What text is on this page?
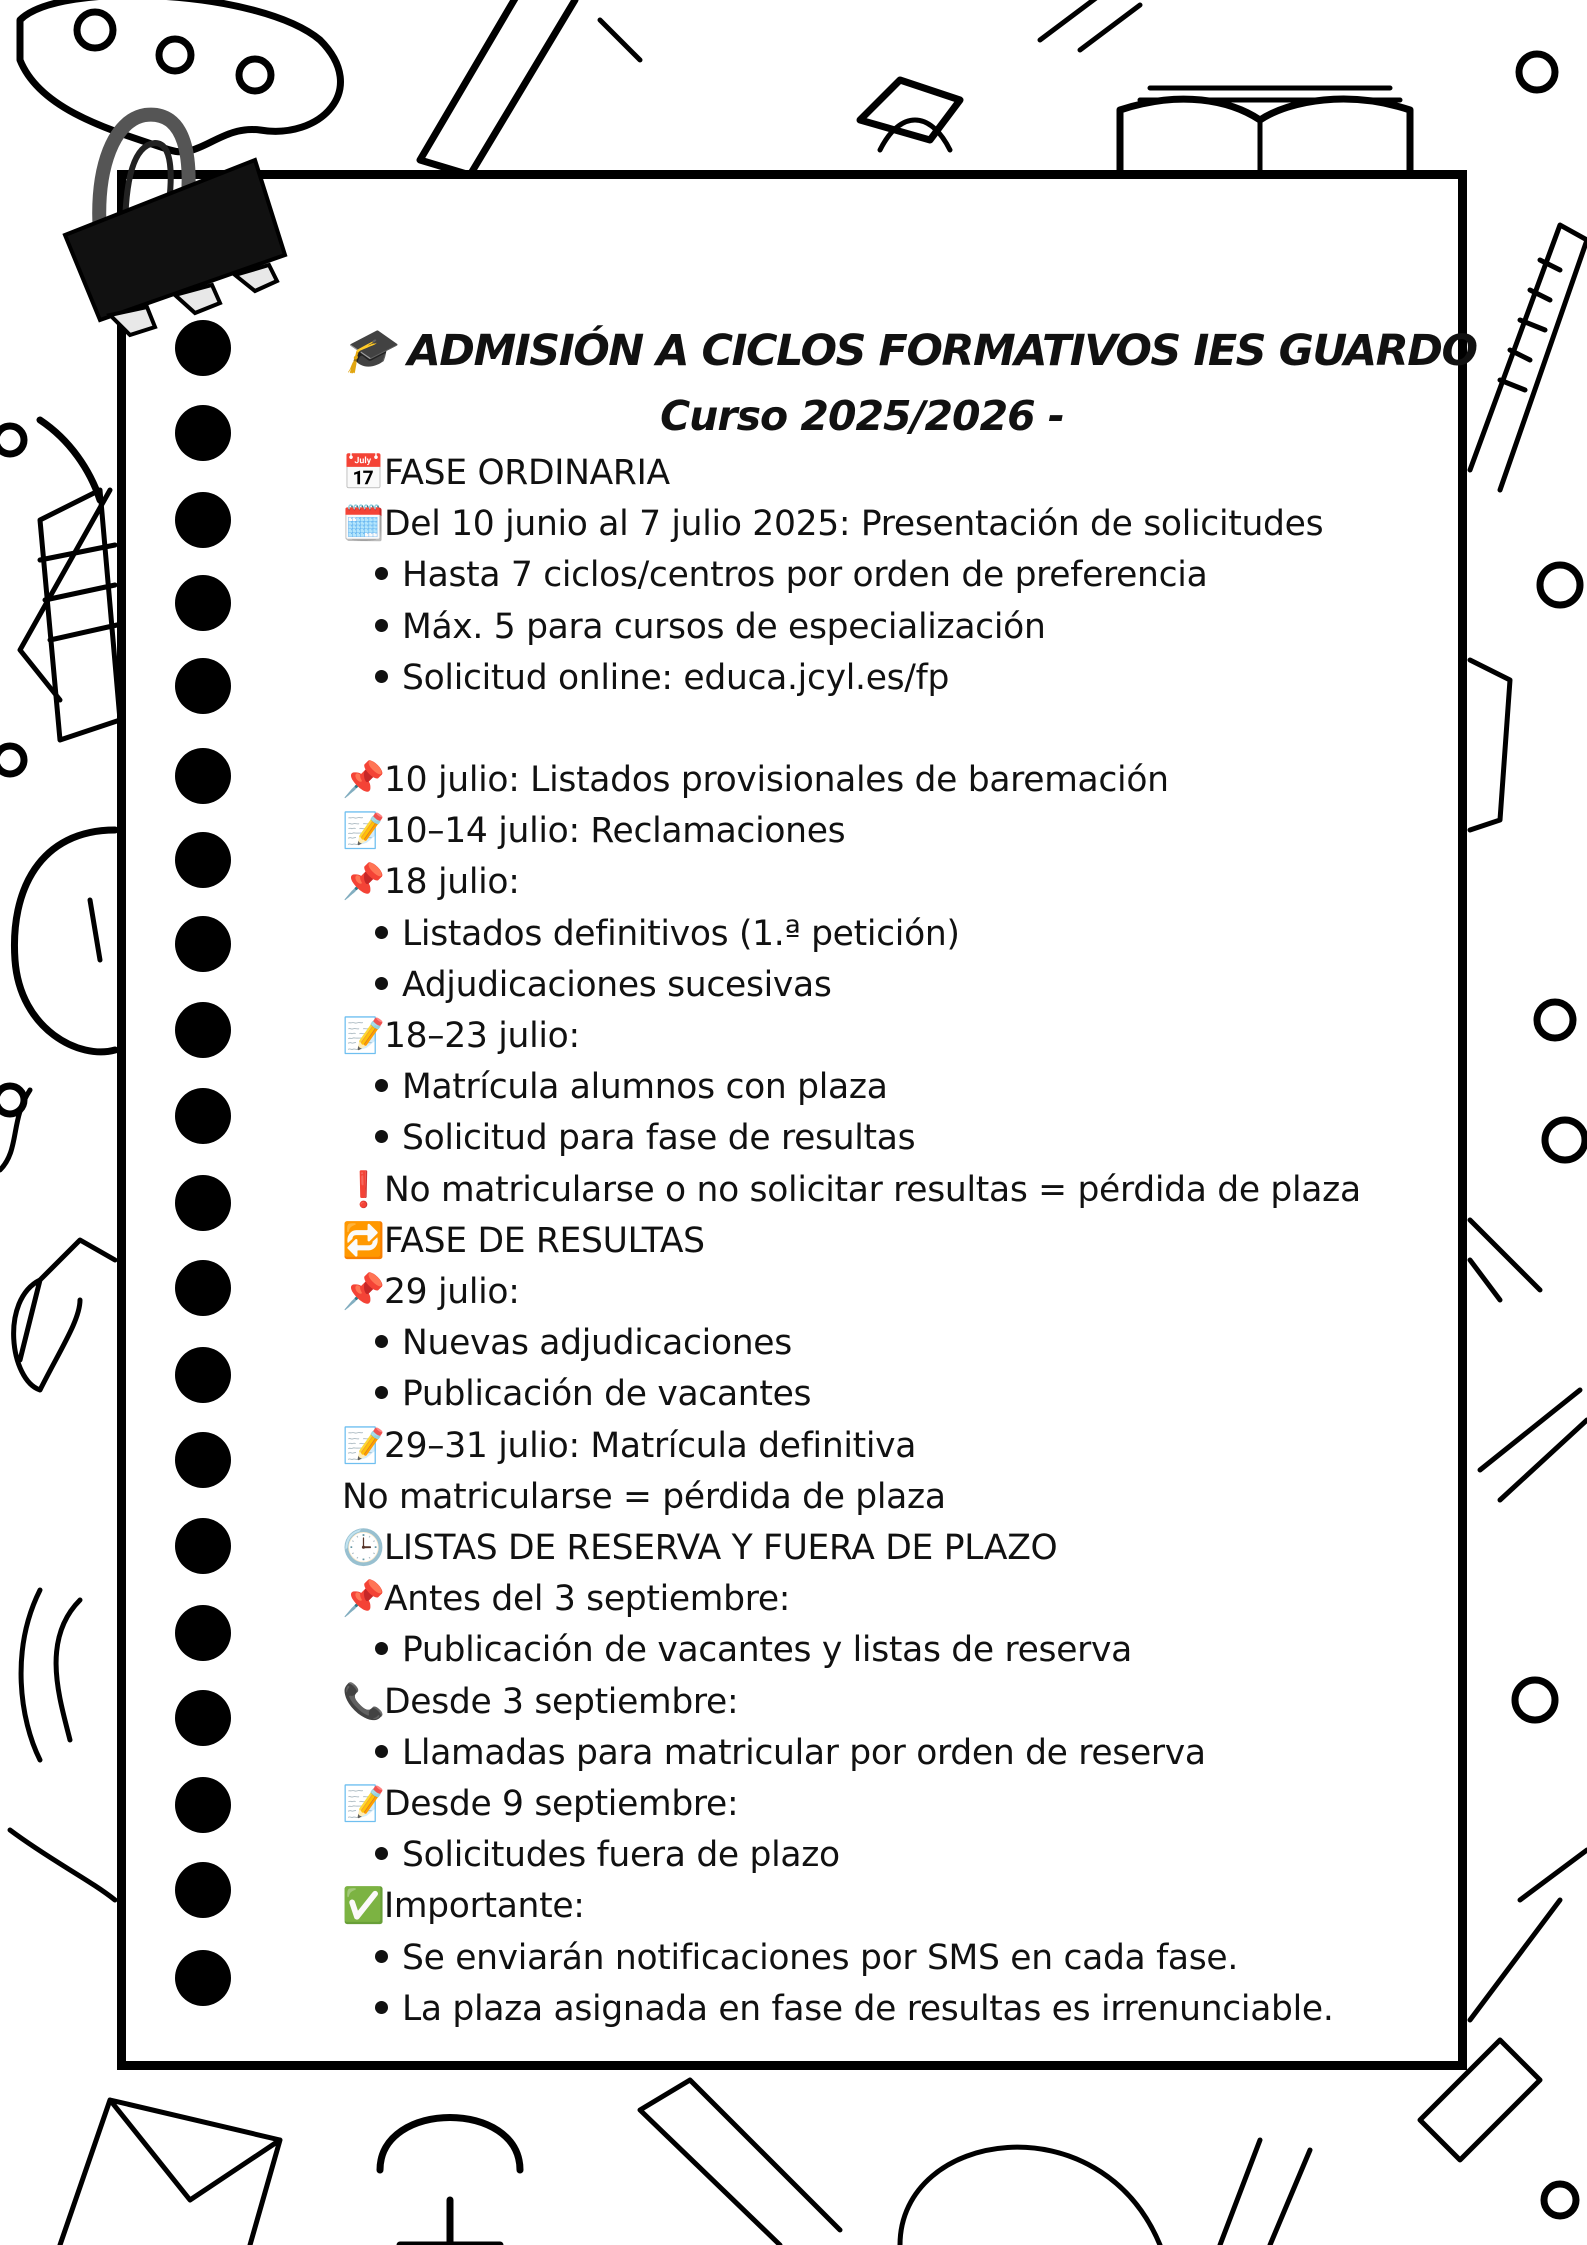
🎓 ADMISIÓN A CICLOS FORMATIVOS IES GUARDO
Curso 2025/2026 -
📅FASE ORDINARIA
🗓️Del 10 junio al 7 julio 2025: Presentación de solicitudes
Hasta 7 ciclos/centros por orden de preferencia
Máx. 5 para cursos de especialización
Solicitud online: educa.jcyl.es/fp
📌10 julio: Listados provisionales de baremación
📝10–14 julio: Reclamaciones
📌18 julio:
Listados definitivos (1.ª petición)
Adjudicaciones sucesivas
📝18–23 julio:
Matrícula alumnos con plaza
Solicitud para fase de resultas
❗No matricularse o no solicitar resultas = pérdida de plaza
🔁FASE DE RESULTAS
📌29 julio:
Nuevas adjudicaciones
Publicación de vacantes
📝29–31 julio: Matrícula definitiva
No matricularse = pérdida de plaza
🕒LISTAS DE RESERVA Y FUERA DE PLAZO
📌Antes del 3 septiembre:
Publicación de vacantes y listas de reserva
📞Desde 3 septiembre:
Llamadas para matricular por orden de reserva
📝Desde 9 septiembre:
Solicitudes fuera de plazo
✅Importante:
Se enviarán notificaciones por SMS en cada fase.
La plaza asignada en fase de resultas es irrenunciable.
